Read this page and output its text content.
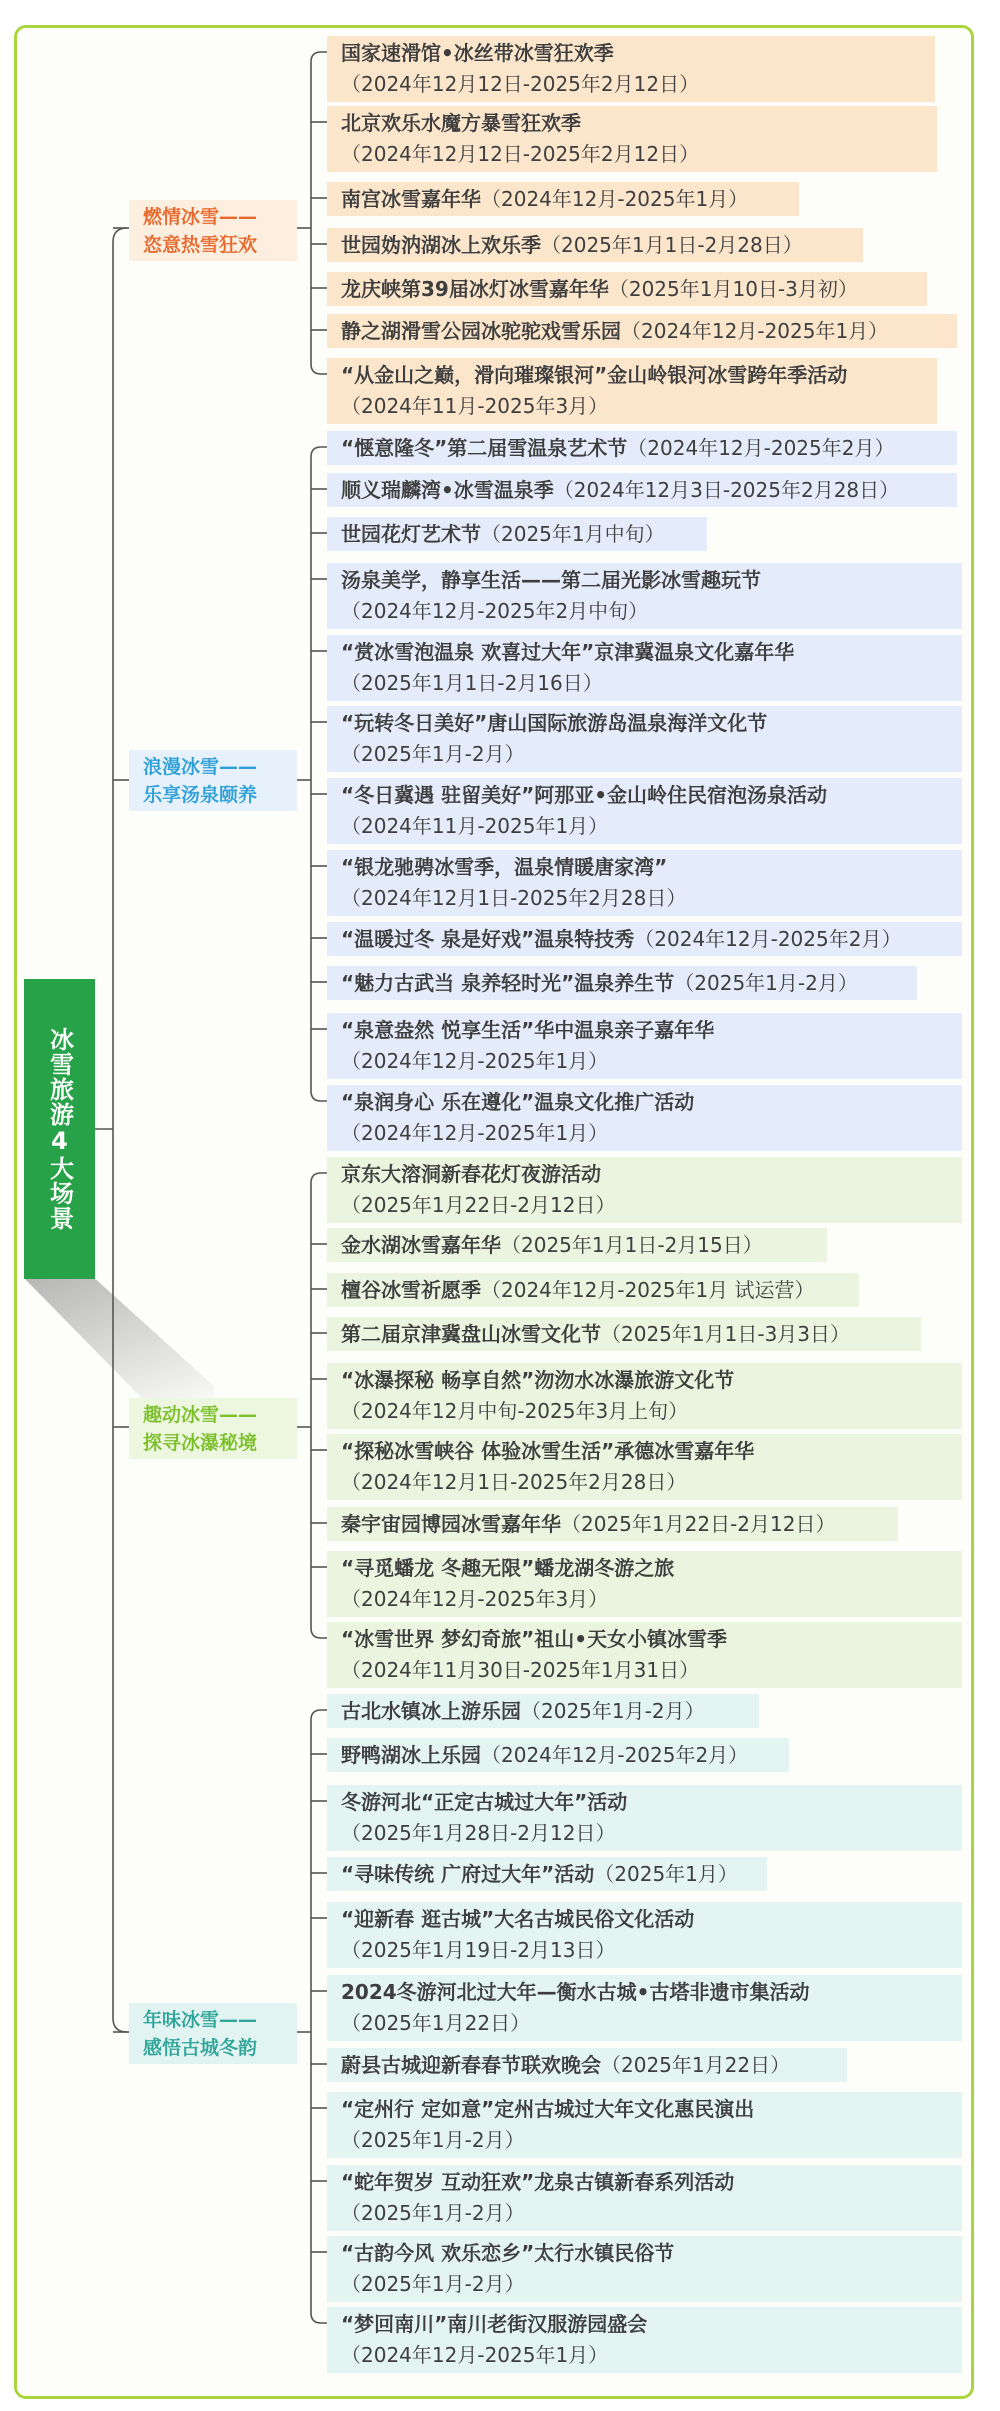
冰雪旅游4大场景
燃情冰雪——
恣意热雪狂欢
浪漫冰雪——
乐享汤泉颐养
趣动冰雪——
探寻冰瀑秘境
年味冰雪——
感悟古城冬韵
国家速滑馆•冰丝带冰雪狂欢季
（2024年12月12日-2025年2月12日）
北京欢乐水魔方暴雪狂欢季
（2024年12月12日-2025年2月12日）
南宫冰雪嘉年华（2024年12月-2025年1月）
世园妫汭湖冰上欢乐季（2025年1月1日-2月28日）
龙庆峡第39届冰灯冰雪嘉年华（2025年1月10日-3月初）
静之湖滑雪公园冰驼驼戏雪乐园（2024年12月-2025年1月）
“从金山之巅，滑向璀璨银河”金山岭银河冰雪跨年季活动
（2024年11月-2025年3月）
“惬意隆冬”第二届雪温泉艺术节（2024年12月-2025年2月）
顺义瑞麟湾•冰雪温泉季（2024年12月3日-2025年2月28日）
世园花灯艺术节（2025年1月中旬）
汤泉美学，静享生活——第二届光影冰雪趣玩节
（2024年12月-2025年2月中旬）
“赏冰雪泡温泉 欢喜过大年”京津冀温泉文化嘉年华
（2025年1月1日-2月16日）
“玩转冬日美好”唐山国际旅游岛温泉海洋文化节
（2025年1月-2月）
“冬日冀遇 驻留美好”阿那亚•金山岭住民宿泡汤泉活动
（2024年11月-2025年1月）
“银龙驰骋冰雪季，温泉情暖唐家湾”
（2024年12月1日-2025年2月28日）
“温暖过冬 泉是好戏”温泉特技秀（2024年12月-2025年2月）
“魅力古武当 泉养轻时光”温泉养生节（2025年1月-2月）
“泉意盎然 悦享生活”华中温泉亲子嘉年华
（2024年12月-2025年1月）
“泉润身心 乐在遵化”温泉文化推广活动
（2024年12月-2025年1月）
京东大溶洞新春花灯夜游活动
（2025年1月22日-2月12日）
金水湖冰雪嘉年华（2025年1月1日-2月15日）
檀谷冰雪祈愿季（2024年12月-2025年1月 试运营）
第二届京津冀盘山冰雪文化节（2025年1月1日-3月3日）
“冰瀑探秘 畅享自然”沕沕水冰瀑旅游文化节
（2024年12月中旬-2025年3月上旬）
“探秘冰雪峡谷 体验冰雪生活”承德冰雪嘉年华
（2024年12月1日-2025年2月28日）
秦宇宙园博园冰雪嘉年华（2025年1月22日-2月12日）
“寻觅蟠龙 冬趣无限”蟠龙湖冬游之旅
（2024年12月-2025年3月）
“冰雪世界 梦幻奇旅”祖山•天女小镇冰雪季
（2024年11月30日-2025年1月31日）
古北水镇冰上游乐园（2025年1月-2月）
野鸭湖冰上乐园（2024年12月-2025年2月）
冬游河北“正定古城过大年”活动
（2025年1月28日-2月12日）
“寻味传统 广府过大年”活动（2025年1月）
“迎新春 逛古城”大名古城民俗文化活动
（2025年1月19日-2月13日）
2024冬游河北过大年—衡水古城•古塔非遗市集活动
（2025年1月22日）
蔚县古城迎新春春节联欢晚会（2025年1月22日）
“定州行 定如意”定州古城过大年文化惠民演出
（2025年1月-2月）
“蛇年贺岁 互动狂欢”龙泉古镇新春系列活动
（2025年1月-2月）
“古韵今风 欢乐恋乡”太行水镇民俗节
（2025年1月-2月）
“梦回南川”南川老街汉服游园盛会
（2024年12月-2025年1月）
